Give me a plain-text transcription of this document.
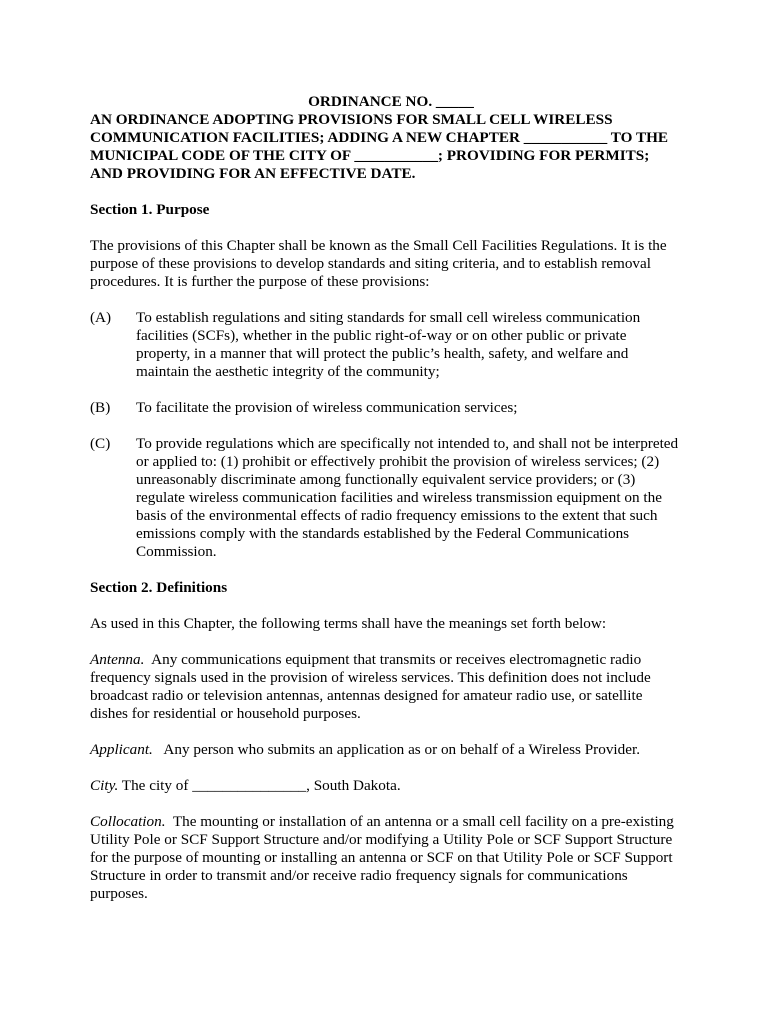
ORDINANCE NO. _____

AN ORDINANCE ADOPTING PROVISIONS FOR SMALL CELL WIRELESS

COMMUNICATION FACILITIES; ADDING A NEW CHAPTER ___________ TO THE

MUNICIPAL CODE OF THE CITY OF ___________; PROVIDING FOR PERMITS;

AND PROVIDING FOR AN EFFECTIVE DATE.

Section 1. Purpose

The provisions of this Chapter shall be known as the Small Cell Facilities Regulations. It is the

purpose of these provisions to develop standards and siting criteria, and to establish removal

procedures. It is further the purpose of these provisions:

(A)	To establish regulations and siting standards for small cell wireless communication

facilities (SCFs), whether in the public right-of-way or on other public or private

property, in a manner that will protect the public’s health, safety, and welfare and

maintain the aesthetic integrity of the community;

(B)	To facilitate the provision of wireless communication services;

(C)	To provide regulations which are specifically not intended to, and shall not be interpreted

or applied to: (1) prohibit or effectively prohibit the provision of wireless services; (2)

unreasonably discriminate among functionally equivalent service providers; or (3)

regulate wireless communication facilities and wireless transmission equipment on the

basis of the environmental effects of radio frequency emissions to the extent that such

emissions comply with the standards established by the Federal Communications

Commission.

Section 2. Definitions

As used in this Chapter, the following terms shall have the meanings set forth below:

Antenna.  Any communications equipment that transmits or receives electromagnetic radio

frequency signals used in the provision of wireless services. This definition does not include

broadcast radio or television antennas, antennas designed for amateur radio use, or satellite

dishes for residential or household purposes.

Applicant.   Any person who submits an application as or on behalf of a Wireless Provider.

City. The city of _______________, South Dakota.

Collocation.  The mounting or installation of an antenna or a small cell facility on a pre-existing

Utility Pole or SCF Support Structure and/or modifying a Utility Pole or SCF Support Structure

for the purpose of mounting or installing an antenna or SCF on that Utility Pole or SCF Support

Structure in order to transmit and/or receive radio frequency signals for communications

purposes.
